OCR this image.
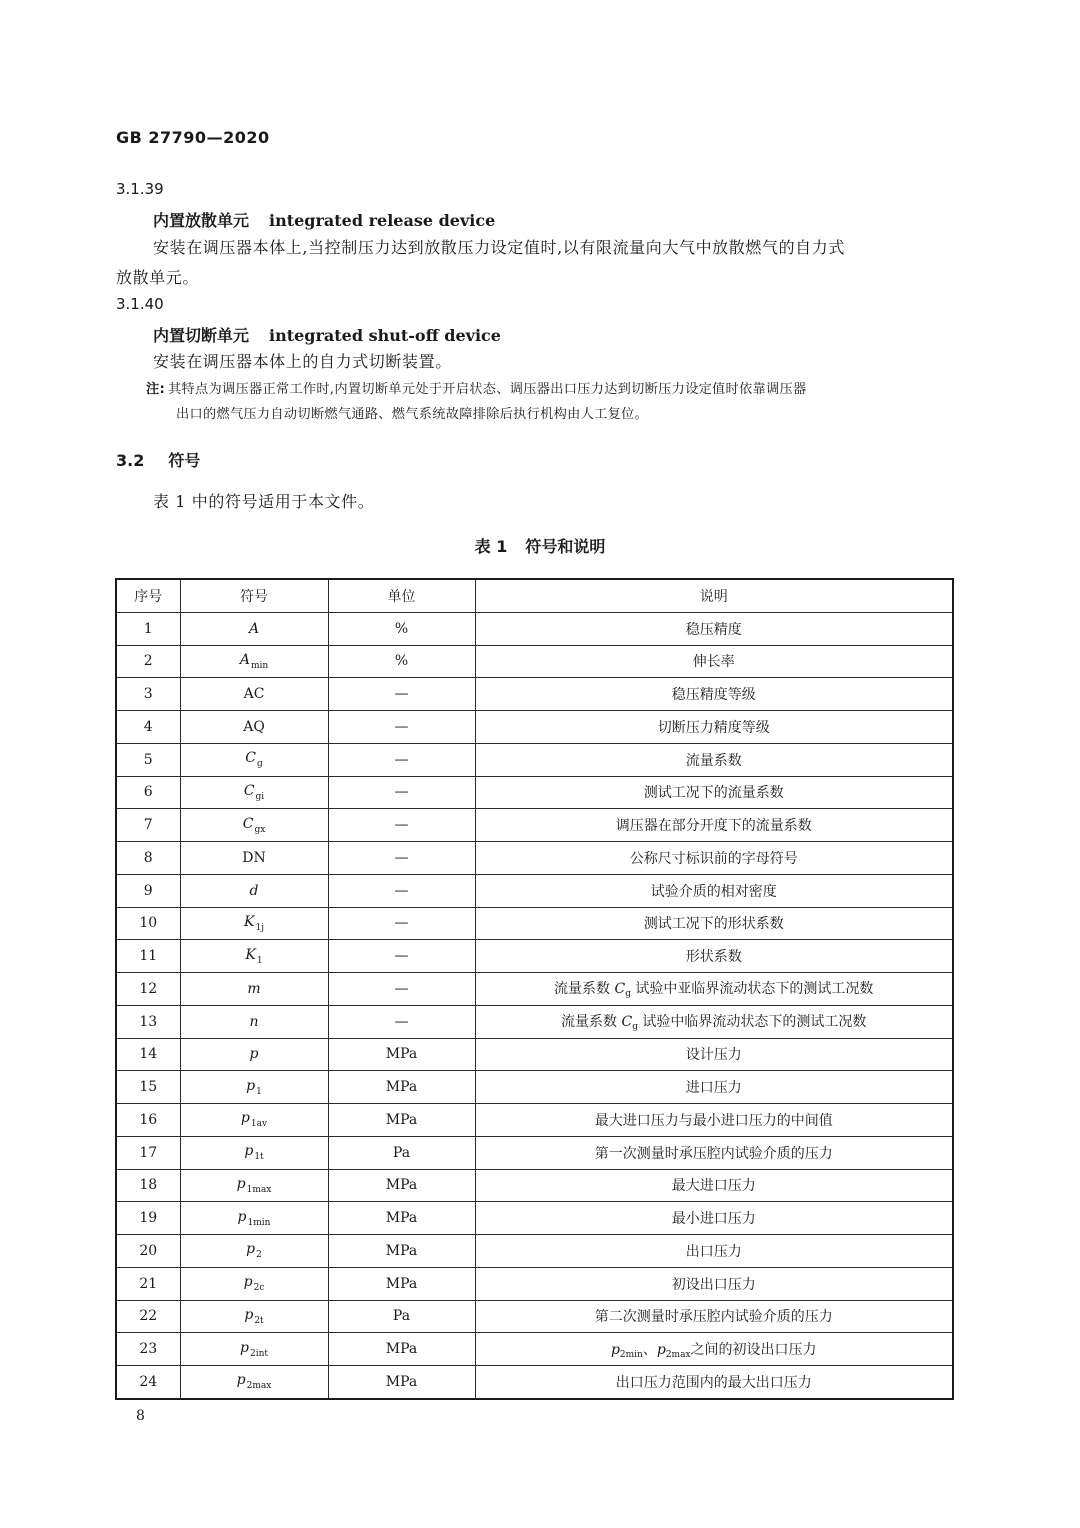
GB 27790—2020
3.1.39
内置放散单元 integrated release device
安装在调压器本体上,当控制压力达到放散压力设定值时,以有限流量向大气中放散燃气的自力式
放散单元。
3.1.40
内置切断单元 integrated shut-off device
安装在调压器本体上的自力式切断装置。
注: 其特点为调压器正常工作时,内置切断单元处于开启状态、调压器出口压力达到切断压力设定值时依靠调压器
出口的燃气压力自动切断燃气通路、燃气系统故障排除后执行机构由人工复位。
3.2 符号
表 1 中的符号适用于本文件。
表 1 符号和说明
序号	符号	单位	说明
1	A	%	稳压精度
2	$A_{min}$	%	伸长率
3	AC	—	稳压精度等级
4	AQ	—	切断压力精度等级
5	$C_g$	—	流量系数
6	$C_{gi}$	—	测试工况下的流量系数
7	$C_{gx}$	—	调压器在部分开度下的流量系数
8	DN	—	公称尺寸标识前的字母符号
9	d	—	试验介质的相对密度
10	$K_{1j}$	—	测试工况下的形状系数
11	$K_1$	—	形状系数
12	m	—	流量系数 $C_g$ 试验中亚临界流动状态下的测试工况数
13	n	—	流量系数 $C_g$ 试验中临界流动状态下的测试工况数
14	p	MPa	设计压力
15	$p_1$	MPa	进口压力
16	$p_{1av}$	MPa	最大进口压力与最小进口压力的中间值
17	$p_{1t}$	Pa	第一次测量时承压腔内试验介质的压力
18	$p_{1max}$	MPa	最大进口压力
19	$p_{1min}$	MPa	最小进口压力
20	$p_2$	MPa	出口压力
21	$p_{2c}$	MPa	初设出口压力
22	$p_{2t}$	Pa	第二次测量时承压腔内试验介质的压力
23	$p_{2int}$	MPa	$p_{2min}$、$p_{2max}$之间的初设出口压力
24	$p_{2max}$	MPa	出口压力范围内的最大出口压力
8
